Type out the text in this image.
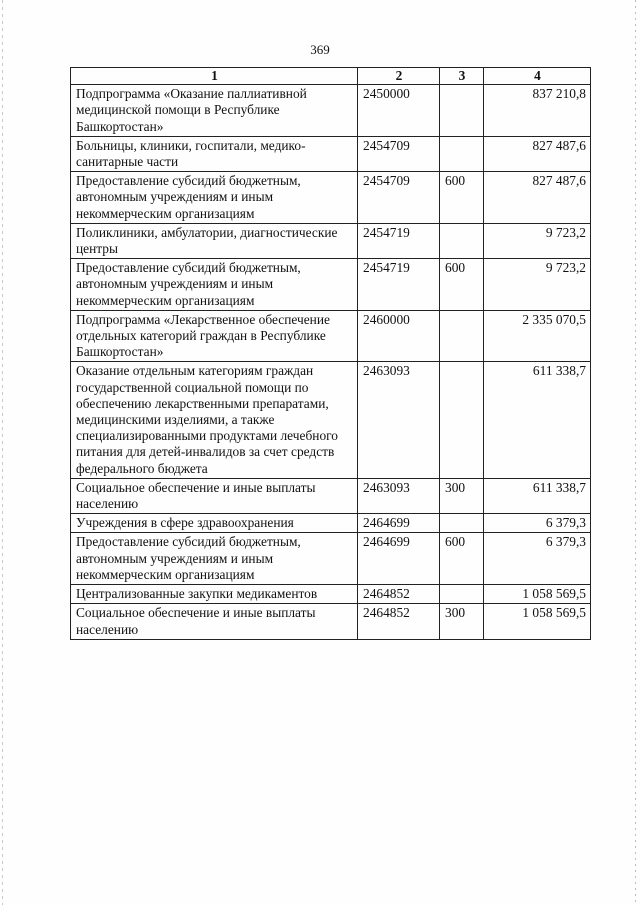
369
1	2	3	4
Подпрограмма «Оказание паллиативной медицинской помощи в Республике Башкортостан»	2450000		837 210,8
Больницы, клиники, госпитали, медико-санитарные части	2454709		827 487,6
Предоставление субсидий бюджетным, автономным учреждениям и иным некоммерческим организациям	2454709	600	827 487,6
Поликлиники, амбулатории, диагностические центры	2454719		9 723,2
Предоставление субсидий бюджетным, автономным учреждениям и иным некоммерческим организациям	2454719	600	9 723,2
Подпрограмма «Лекарственное обеспечение отдельных категорий граждан в Республике Башкортостан»	2460000		2 335 070,5
Оказание отдельным категориям граждан государственной социальной помощи по обеспечению лекарственными препаратами, медицинскими изделиями, а также специализированными продуктами лечебного питания для детей-инвалидов за счет средств федерального бюджета	2463093		611 338,7
Социальное обеспечение и иные выплаты населению	2463093	300	611 338,7
Учреждения в сфере здравоохранения	2464699		6 379,3
Предоставление субсидий бюджетным, автономным учреждениям и иным некоммерческим организациям	2464699	600	6 379,3
Централизованные закупки медикаментов	2464852		1 058 569,5
Социальное обеспечение и иные выплаты населению	2464852	300	1 058 569,5
